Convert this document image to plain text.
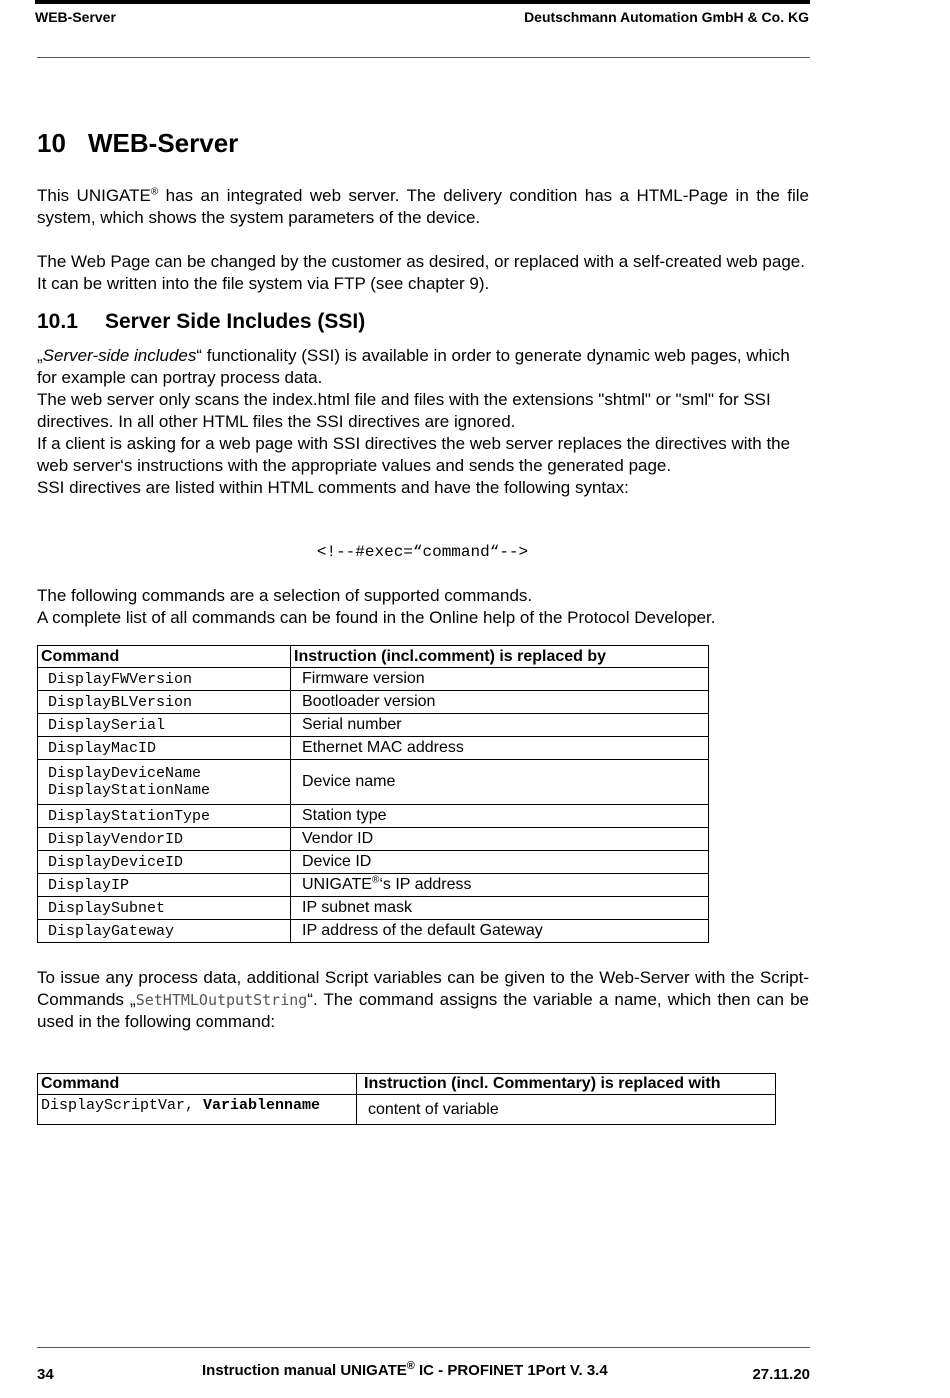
WEB-Server	Deutschmann Automation GmbH & Co. KG
10 WEB-Server

This UNIGATE® has an integrated web server. The delivery condition has a HTML-Page in the file system, which shows the system parameters of the device.

The Web Page can be changed by the customer as desired, or replaced with a self-created web page. It can be written into the file system via FTP (see chapter 9).

10.1 Server Side Includes (SSI)
„Server-side includes“ functionality (SSI) is available in order to generate dynamic web pages, which for example can portray process data.
The web server only scans the index.html file and files with the extensions "shtml" or "sml" for SSI directives. In all other HTML files the SSI directives are ignored.
If a client is asking for a web page with SSI directives the web server replaces the directives with the web server‘s instructions with the appropriate values and sends the generated page.
SSI directives are listed within HTML comments and have the following syntax:
<!--#exec=“command“-->
The following commands are a selection of supported commands.
A complete list of all commands can be found in the Online help of the Protocol Developer.
Command	Instruction (incl.comment) is replaced by
DisplayFWVersion	Firmware version
DisplayBLVersion	Bootloader version
DisplaySerial	Serial number
DisplayMacID	Ethernet MAC address

DisplayDeviceName
DisplayStationName	Device name
DisplayStationType	Station type
DisplayVendorID	Vendor ID
DisplayDeviceID	Device ID
DisplayIP	UNIGATE®‘s IP address
DisplaySubnet	IP subnet mask
DisplayGateway	IP address of the default Gateway

To issue any process data, additional Script variables can be given to the Web-Server with the Script-Commands „SetHTMLOutputString“. The command assigns the variable a name, which then can be used in the following command:

Command	Instruction (incl. Commentary) is replaced with
DisplayScriptVar, Variablenname	content of variable
34	Instruction manual UNIGATE® IC - PROFINET 1Port V. 3.4	27.11.20
